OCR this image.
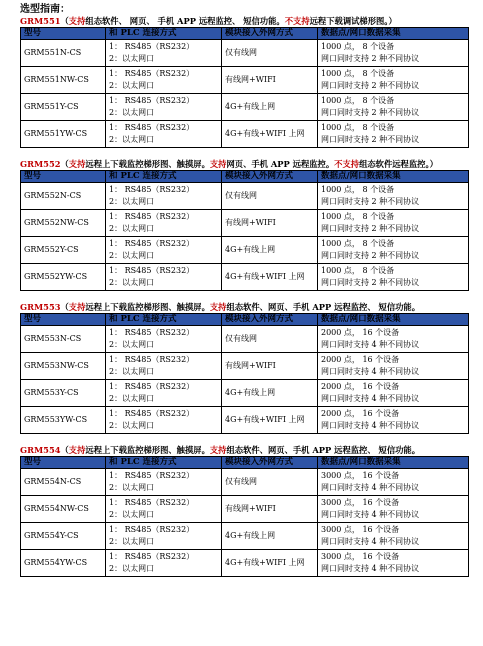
选型指南：
GRM551（支持组态软件、 网页、 手机 APP 远程监控、 短信功能。不支持远程下载调试梯形图。）
型号	和 PLC 连接方式	模块接入外网方式	数据点/网口数据采集
GRM551N-CS	1： RS485（RS232）
2：以太网口	仅有线网	1000 点， 8 个设备
网口同时支持 2 种不同协议

GRM551NW-CS	1： RS485（RS232）
2：以太网口	有线网+WIFI	1000 点， 8 个设备
网口同时支持 2 种不同协议

GRM551Y-CS	1： RS485（RS232）
2：以太网口	4G+有线上网	1000 点， 8 个设备
网口同时支持 2 种不同协议

GRM551YW-CS	1： RS485（RS232）
2：以太网口	4G+有线+WIFI 上网	1000 点， 8 个设备
网口同时支持 2 种不同协议
GRM552（支持远程上下载监控梯形图、触摸屏。支持网页、手机 APP 远程监控。不支持组态软件远程监控。）
型号	和 PLC 连接方式	模块接入外网方式	数据点/网口数据采集
GRM552N-CS	1： RS485（RS232）
2：以太网口	仅有线网	1000 点， 8 个设备
网口同时支持 2 种不同协议

GRM552NW-CS	1： RS485（RS232）
2：以太网口	有线网+WIFI	1000 点， 8 个设备
网口同时支持 2 种不同协议

GRM552Y-CS	1： RS485（RS232）
2：以太网口	4G+有线上网	1000 点， 8 个设备
网口同时支持 2 种不同协议

GRM552YW-CS	1： RS485（RS232）
2：以太网口	4G+有线+WIFI 上网	1000 点， 8 个设备
网口同时支持 2 种不同协议
GRM553（支持远程上下载监控梯形图、触摸屏。支持组态软件、网页、手机 APP 远程监控、 短信功能。
型号	和 PLC 连接方式	模块接入外网方式	数据点/网口数据采集
GRM553N-CS	1： RS485（RS232）
2：以太网口	仅有线网	2000 点， 16 个设备
网口同时支持 4 种不同协议

GRM553NW-CS	1： RS485（RS232）
2：以太网口	有线网+WIFI	2000 点， 16 个设备
网口同时支持 4 种不同协议

GRM553Y-CS	1： RS485（RS232）
2：以太网口	4G+有线上网	2000 点， 16 个设备
网口同时支持 4 种不同协议

GRM553YW-CS	1： RS485（RS232）
2：以太网口	4G+有线+WIFI 上网	2000 点， 16 个设备
网口同时支持 4 种不同协议
GRM554（支持远程上下载监控梯形图、触摸屏。支持组态软件、网页、手机 APP 远程监控、 短信功能。
型号	和 PLC 连接方式	模块接入外网方式	数据点/网口数据采集
GRM554N-CS	1： RS485（RS232）
2：以太网口	仅有线网	3000 点， 16 个设备
网口同时支持 4 种不同协议

GRM554NW-CS	1： RS485（RS232）
2：以太网口	有线网+WIFI	3000 点， 16 个设备
网口同时支持 4 种不同协议

GRM554Y-CS	1： RS485（RS232）
2：以太网口	4G+有线上网	3000 点， 16 个设备
网口同时支持 4 种不同协议

GRM554YW-CS	1： RS485（RS232）
2：以太网口	4G+有线+WIFI 上网	3000 点， 16 个设备
网口同时支持 4 种不同协议
